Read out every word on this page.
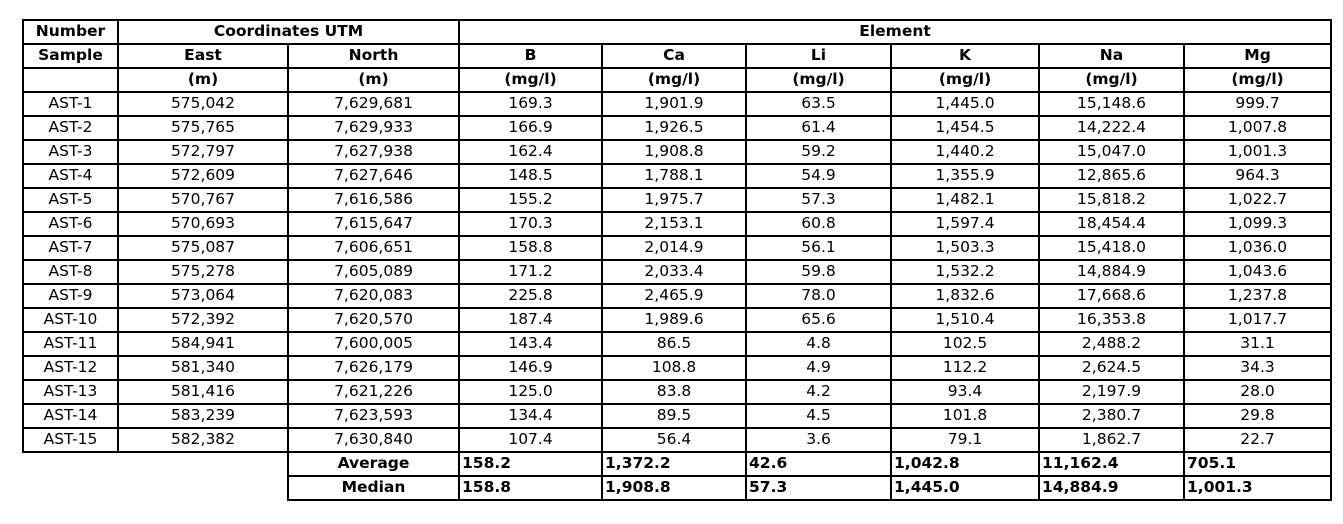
Number	Coordinates UTM		Element					
Sample	East	North	B	Ca	Li	K	Na	Mg
	(m)	(m)	(mg/l)	(mg/l)	(mg/l)	(mg/l)	(mg/l)	(mg/l)
AST-1	575,042	7,629,681	169.3	1,901.9	63.5	1,445.0	15,148.6	999.7
AST-2	575,765	7,629,933	166.9	1,926.5	61.4	1,454.5	14,222.4	1,007.8
AST-3	572,797	7,627,938	162.4	1,908.8	59.2	1,440.2	15,047.0	1,001.3
AST-4	572,609	7,627,646	148.5	1,788.1	54.9	1,355.9	12,865.6	964.3
AST-5	570,767	7,616,586	155.2	1,975.7	57.3	1,482.1	15,818.2	1,022.7
AST-6	570,693	7,615,647	170.3	2,153.1	60.8	1,597.4	18,454.4	1,099.3
AST-7	575,087	7,606,651	158.8	2,014.9	56.1	1,503.3	15,418.0	1,036.0
AST-8	575,278	7,605,089	171.2	2,033.4	59.8	1,532.2	14,884.9	1,043.6
AST-9	573,064	7,620,083	225.8	2,465.9	78.0	1,832.6	17,668.6	1,237.8
AST-10	572,392	7,620,570	187.4	1,989.6	65.6	1,510.4	16,353.8	1,017.7
AST-11	584,941	7,600,005	143.4	86.5	4.8	102.5	2,488.2	31.1
AST-12	581,340	7,626,179	146.9	108.8	4.9	112.2	2,624.5	34.3
AST-13	581,416	7,621,226	125.0	83.8	4.2	93.4	2,197.9	28.0
AST-14	583,239	7,623,593	134.4	89.5	4.5	101.8	2,380.7	29.8
AST-15	582,382	7,630,840	107.4	56.4	3.6	79.1	1,862.7	22.7
		Average	158.2	1,372.2	42.6	1,042.8	11,162.4	705.1
		Median	158.8	1,908.8	57.3	1,445.0	14,884.9	1,001.3
